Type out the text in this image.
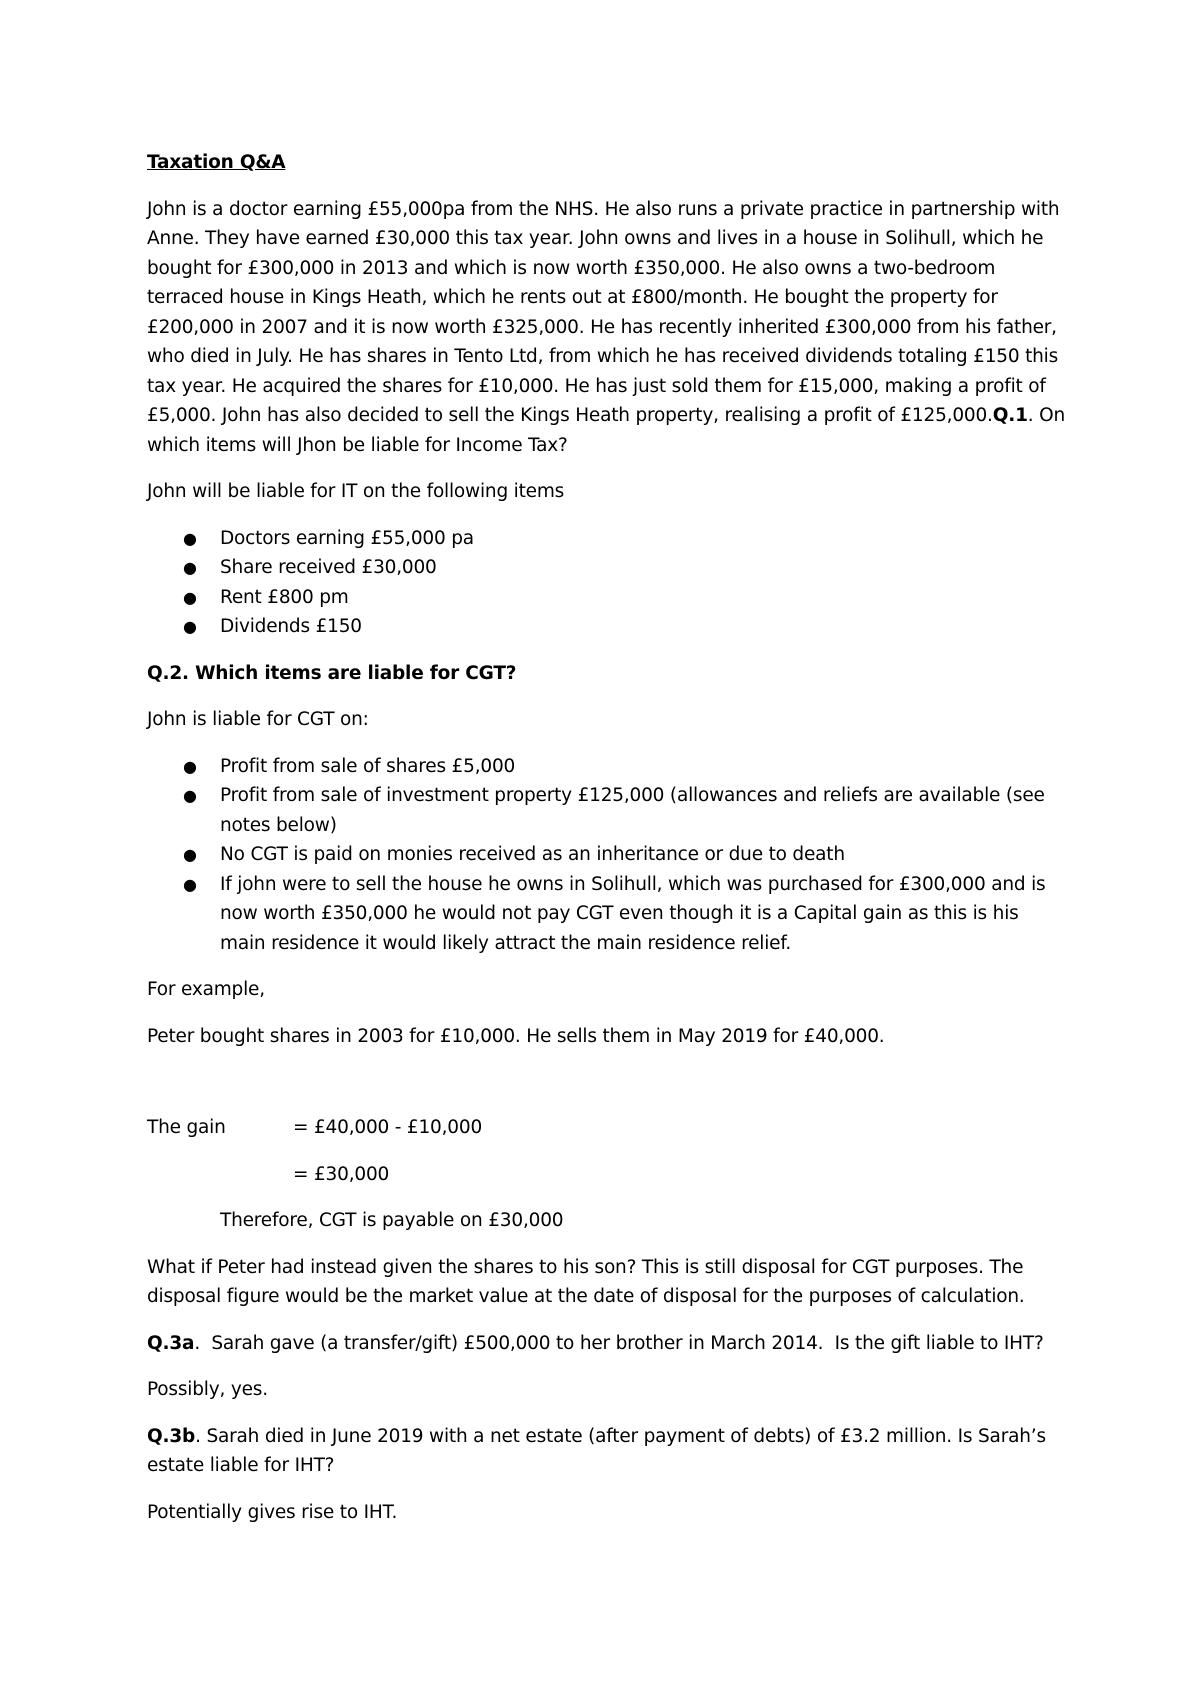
Taxation Q&A

John is a doctor earning £55,000pa from the NHS. He also runs a private practice in partnership with Anne. They have earned £30,000 this tax year. John owns and lives in a house in Solihull, which he bought for £300,000 in 2013 and which is now worth £350,000. He also owns a two-bedroom terraced house in Kings Heath, which he rents out at £800/month. He bought the property for £200,000 in 2007 and it is now worth £325,000. He has recently inherited £300,000 from his father, who died in July. He has shares in Tento Ltd, from which he has received dividends totaling £150 this tax year. He acquired the shares for £10,000. He has just sold them for £15,000, making a profit of £5,000. John has also decided to sell the Kings Heath property, realising a profit of £125,000.Q.1. On which items will Jhon be liable for Income Tax?

John will be liable for IT on the following items

● Doctors earning £55,000 pa
● Share received £30,000
● Rent £800 pm
● Dividends £150

Q.2. Which items are liable for CGT?

John is liable for CGT on:

● Profit from sale of shares £5,000
● Profit from sale of investment property £125,000 (allowances and reliefs are available (see notes below)
● No CGT is paid on monies received as an inheritance or due to death
● If john were to sell the house he owns in Solihull, which was purchased for £300,000 and is now worth £350,000 he would not pay CGT even though it is a Capital gain as this is his main residence it would likely attract the main residence relief.

For example,

Peter bought shares in 2003 for £10,000. He sells them in May 2019 for £40,000.

The gain	= £40,000 - £10,000
= £30,000

Therefore, CGT is payable on £30,000

What if Peter had instead given the shares to his son? This is still disposal for CGT purposes. The disposal figure would be the market value at the date of disposal for the purposes of calculation.

Q.3a.  Sarah gave (a transfer/gift) £500,000 to her brother in March 2014.  Is the gift liable to IHT?

Possibly, yes.

Q.3b. Sarah died in June 2019 with a net estate (after payment of debts) of £3.2 million. Is Sarah’s estate liable for IHT?

Potentially gives rise to IHT.
